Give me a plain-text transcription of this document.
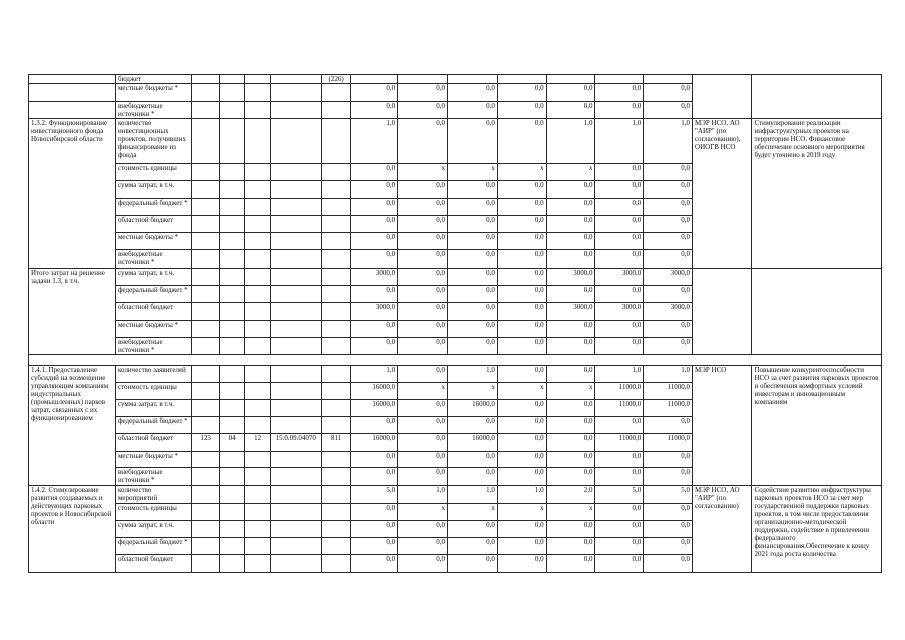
	бюджет					(226)									
	местные бюджеты *						0,0	0,0	0,0	0,0	0,0	0,0	0,0		
	внебюджетные источники *						0,0	0,0	0,0	0,0	0,0	0,0	0,0		
1.3.2. Функционирование инвестиционного фонда Новосибирской области	количество инвестиционных проектов, получивших финансирование из фонда						1,0	0,0	0,0	0,0	1,0	1,0	1,0	МЭР НСО, АО "АИР" (по согласованию), ОИОГВ НСО	Стимулирование реализации инфраструктурных проектов на территории НСО. Финансовое обеспечение основного мероприятия будет уточнено в 2019 году
	стоимость единицы						0,0	x	x	x	x	0,0	0,0		
	сумма затрат, в т.ч.						0,0	0,0	0,0	0,0	0,0	0,0	0,0		
	федеральный бюджет *						0,0	0,0	0,0	0,0	0,0	0,0	0,0		
	областной бюджет						0,0	0,0	0,0	0,0	0,0	0,0	0,0		
	местные бюджеты *						0,0	0,0	0,0	0,0	0,0	0,0	0,0		
	внебюджетные источники *						0,0	0,0	0,0	0,0	0,0	0,0	0,0		
Итого затрат на решение задачи 1.3, в т.ч.	сумма затрат, в т.ч.						3000,0	0,0	0,0	0,0	3000,0	3000,0	3000,0		
	федеральный бюджет *						0,0	0,0	0,0	0,0	0,0	0,0	0,0		
	областной бюджет						3000,0	0,0	0,0	0,0	3000,0	3000,0	3000,0		
	местные бюджеты *						0,0	0,0	0,0	0,0	0,0	0,0	0,0		
	внебюджетные источники *						0,0	0,0	0,0	0,0	0,0	0,0	0,0		

1.4.1. Предоставление субсидий на возмещение управляющим компаниям индустриальных (промышленных) парков затрат, связанных с их функционированием	количество заявителей						1,0	0,0	1,0	0,0	0,0	1,0	1,0	МЭР НСО	Повышение конкурентоспособности НСО за счет развития парковых проектов и обеспечения комфортных условий инвесторам и инновационным компаниям
	стоимость единицы						16000,0	x	x	x	x	11000,0	11000,0		
	сумма затрат, в т.ч.						16000,0	0,0	16000,0	0,0	0,0	11000,0	11000,0		
	федеральный бюджет *						0,0	0,0	0,0	0,0	0,0	0,0	0,0		
	областной бюджет	123	04	12	15.0.09.04070	811	16000,0	0,0	16000,0	0,0	0,0	11000,0	11000,0		
	местные бюджеты *						0,0	0,0	0,0	0,0	0,0	0,0	0,0		
	внебюджетные источники *						0,0	0,0	0,0	0,0	0,0	0,0	0,0		
1.4.2. Стимулирование развития создаваемых и действующих парковых проектов в Новосибирской области	количество мероприятий						5,0	1,0	1,0	1,0	2,0	5,0	5,0	МЭР НСО, АО "АИР" (по согласованию)	Содействие развитию инфраструктуры парковых проектов НСО за счет мер государственной поддержки парковых проектов, в том числе предоставления организационно-методической поддержки, содействие в привлечении федерального финансирования.Обеспечение к концу 2021 года роста количества
	стоимость единицы						0,0	x	x	x	x	0,0	0,0		
	сумма затрат, в т.ч.						0,0	0,0	0,0	0,0	0,0	0,0	0,0		
	федеральный бюджет *						0,0	0,0	0,0	0,0	0,0	0,0	0,0		
	областной бюджет						0,0	0,0	0,0	0,0	0,0	0,0	0,0		
